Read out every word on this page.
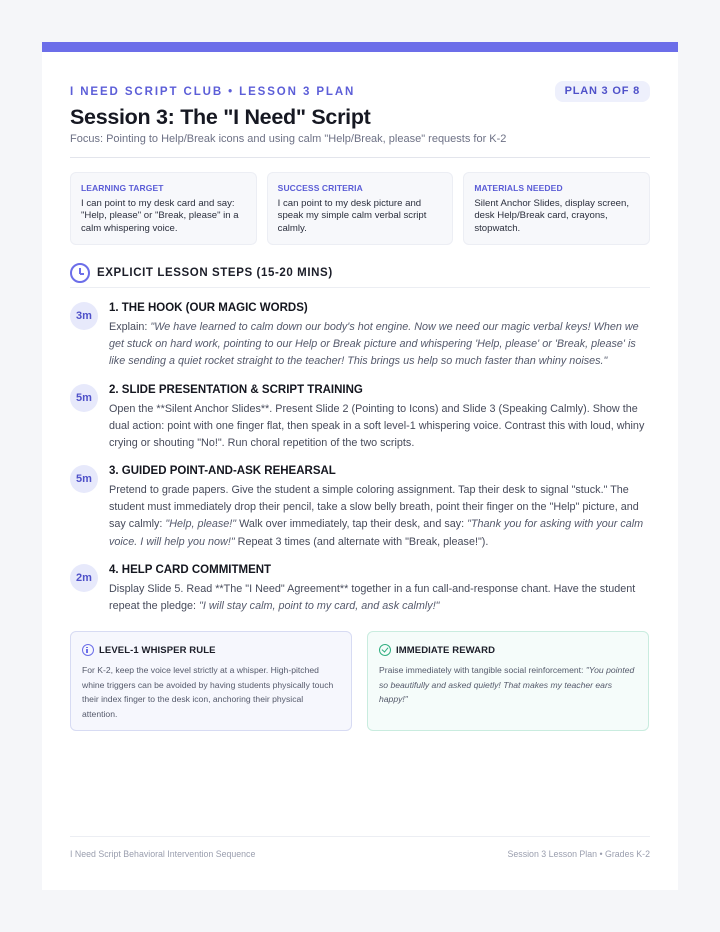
I NEED SCRIPT CLUB • LESSON 3 PLAN	PLAN 3 OF 8
Session 3: The "I Need" Script
Focus: Pointing to Help/Break icons and using calm "Help/Break, please" requests for K-2
LEARNING TARGET
I can point to my desk card and say: "Help, please" or "Break, please" in a calm whispering voice.
SUCCESS CRITERIA
I can point to my desk picture and speak my simple calm verbal script calmly.
MATERIALS NEEDED
Silent Anchor Slides, display screen, desk Help/Break card, crayons, stopwatch.
EXPLICIT LESSON STEPS (15-20 MINS)
3m
1. THE HOOK (OUR MAGIC WORDS)
Explain: "We have learned to calm down our body's hot engine. Now we need our magic verbal keys! When we get stuck on hard work, pointing to our Help or Break picture and whispering 'Help, please' or 'Break, please' is like sending a quiet rocket straight to the teacher! This brings us help so much faster than whiny noises."
5m
2. SLIDE PRESENTATION & SCRIPT TRAINING
Open the **Silent Anchor Slides**. Present Slide 2 (Pointing to Icons) and Slide 3 (Speaking Calmly). Show the dual action: point with one finger flat, then speak in a soft level-1 whispering voice. Contrast this with loud, whiny crying or shouting "No!". Run choral repetition of the two scripts.
5m
3. GUIDED POINT-AND-ASK REHEARSAL
Pretend to grade papers. Give the student a simple coloring assignment. Tap their desk to signal "stuck." The student must immediately drop their pencil, take a slow belly breath, point their finger on the "Help" picture, and say calmly: "Help, please!" Walk over immediately, tap their desk, and say: "Thank you for asking with your calm voice. I will help you now!" Repeat 3 times (and alternate with "Break, please!").
2m
4. HELP CARD COMMITMENT
Display Slide 5. Read **The "I Need" Agreement** together in a fun call-and-response chant. Have the student repeat the pledge: "I will stay calm, point to my card, and ask calmly!"
LEVEL-1 WHISPER RULE
For K-2, keep the voice level strictly at a whisper. High-pitched whine triggers can be avoided by having students physically touch their index finger to the desk icon, anchoring their physical attention.
IMMEDIATE REWARD
Praise immediately with tangible social reinforcement: "You pointed so beautifully and asked quietly! That makes my teacher ears happy!"
I Need Script Behavioral Intervention Sequence	Session 3 Lesson Plan • Grades K-2
